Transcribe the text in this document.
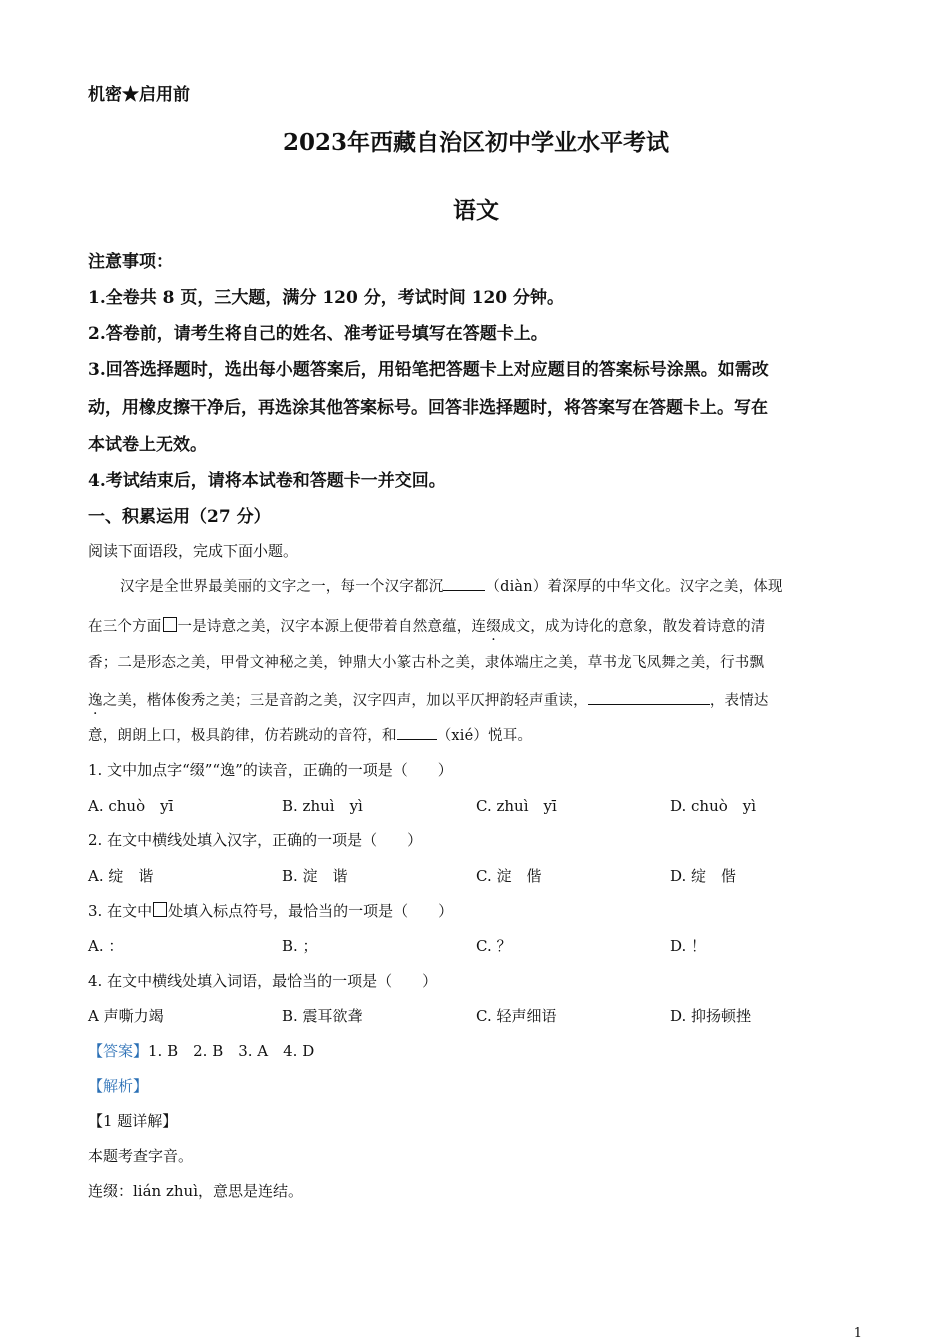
机密★启用前
2023年西藏自治区初中学业水平考试
语文
注意事项：
1.全卷共 8 页，三大题，满分 120 分，考试时间 120 分钟。
2.答卷前，请考生将自己的姓名、准考证号填写在答题卡上。
3.回答选择题时，选出每小题答案后，用铅笔把答题卡上对应题目的答案标号涂黑。如需改
动，用橡皮擦干净后，再选涂其他答案标号。回答非选择题时，将答案写在答题卡上。写在
本试卷上无效。
4.考试结束后，请将本试卷和答题卡一并交回。
一、积累运用（27 分）
阅读下面语段，完成下面小题。
汉字是全世界最美丽的文字之一，每一个汉字都沉	（diàn）着深厚的中华文化。汉字之美，体现
在三个方面 一是诗意之美，汉字本源上便带着自然意蕴，连缀成文，成为诗化的意象，散发着诗意的清
香；二是形态之美，甲骨文神秘之美，钟鼎大小篆古朴之美，隶体端庄之美，草书龙飞凤舞之美，行书飘
逸之美，楷体俊秀之美；三是音韵之美，汉字四声，加以平仄押韵轻声重读，	，表情达
意，朗朗上口，极具韵律，仿若跳动的音符，和	（xié）悦耳。
1. 文中加点字“缀”“逸”的读音，正确的一项是（　　）
A. chuò　yī	B. zhuì　yì	C. zhuì　yī	D. chuò　yì
2. 在文中横线处填入汉字，正确的一项是（　　）
A. 绽　谐	B. 淀　谐	C. 淀　偕	D. 绽　偕
3. 在文中 处填入标点符号，最恰当的一项是（　　）
A. ：	B. ；	C. ？	D. ！
4. 在文中横线处填入词语，最恰当的一项是（　　）
A 声嘶力竭	B. 震耳欲聋	C. 轻声细语	D. 抑扬顿挫
【答案】1. B　2. B　3. A　4. D
【解析】
【1 题详解】
本题考查字音。
连缀：lián zhuì，意思是连结。
1
